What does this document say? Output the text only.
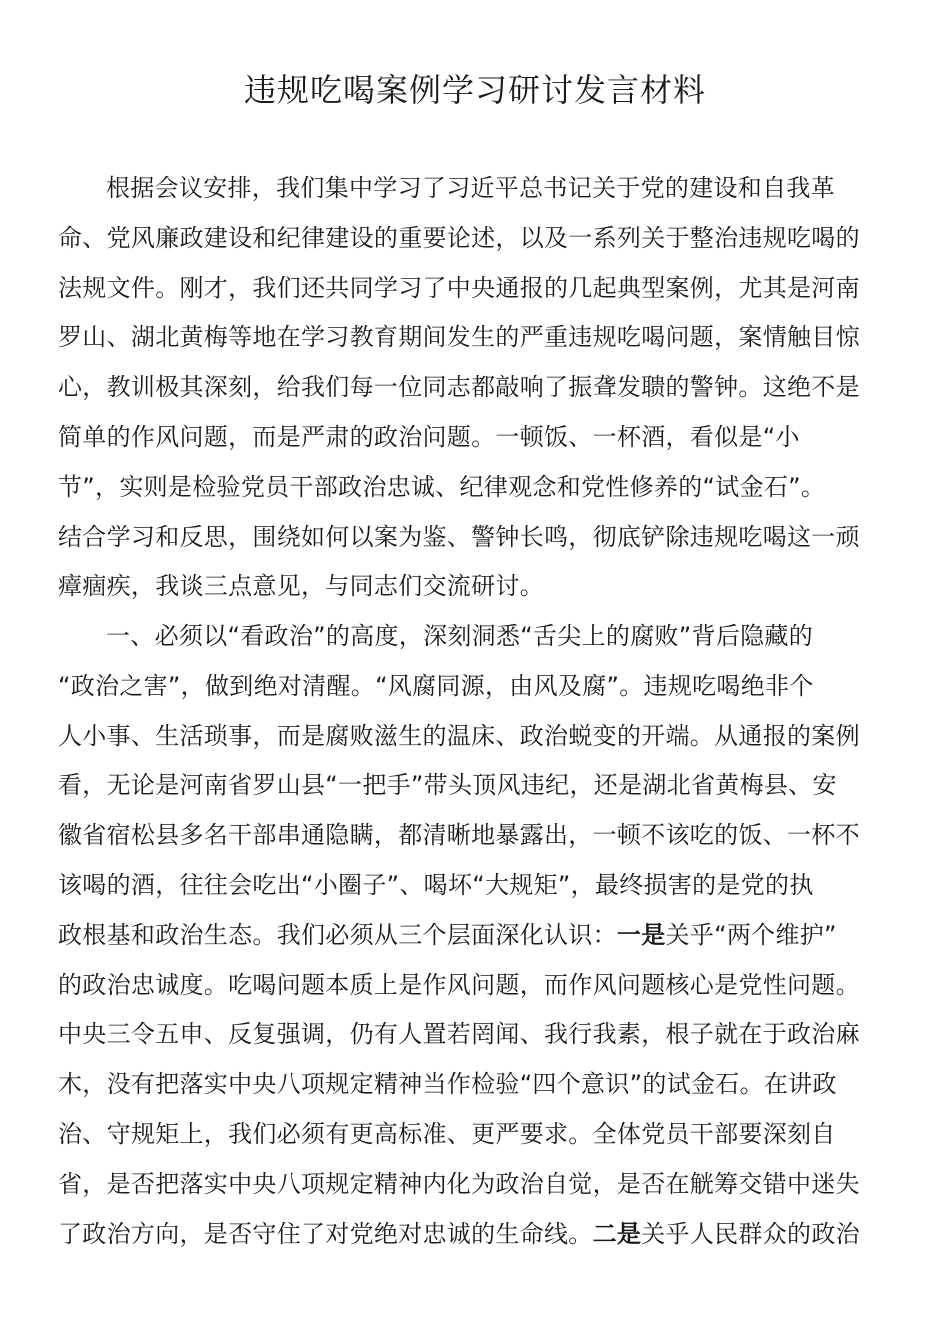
违规吃喝案例学习研讨发言材料
根据会议安排，我们集中学习了习近平总书记关于党的建设和自我革
命、党风廉政建设和纪律建设的重要论述，以及一系列关于整治违规吃喝的
法规文件。刚才，我们还共同学习了中央通报的几起典型案例，尤其是河南
罗山、湖北黄梅等地在学习教育期间发生的严重违规吃喝问题，案情触目惊
心，教训极其深刻，给我们每一位同志都敲响了振聋发聩的警钟。这绝不是
简单的作风问题，而是严肃的政治问题。一顿饭、一杯酒，看似是“小
节”，实则是检验党员干部政治忠诚、纪律观念和党性修养的“试金石”。
结合学习和反思，围绕如何以案为鉴、警钟长鸣，彻底铲除违规吃喝这一顽
瘴痼疾，我谈三点意见，与同志们交流研讨。
一、必须以“看政治”的高度，深刻洞悉“舌尖上的腐败”背后隐藏的
“政治之害”，做到绝对清醒。“风腐同源，由风及腐”。违规吃喝绝非个
人小事、生活琐事，而是腐败滋生的温床、政治蜕变的开端。从通报的案例
看，无论是河南省罗山县“一把手”带头顶风违纪，还是湖北省黄梅县、安
徽省宿松县多名干部串通隐瞒，都清晰地暴露出，一顿不该吃的饭、一杯不
该喝的酒，往往会吃出“小圈子”、喝坏“大规矩”，最终损害的是党的执
政根基和政治生态。我们必须从三个层面深化认识：一是关乎“两个维护”
的政治忠诚度。吃喝问题本质上是作风问题，而作风问题核心是党性问题。
中央三令五申、反复强调，仍有人置若罔闻、我行我素，根子就在于政治麻
木，没有把落实中央八项规定精神当作检验“四个意识”的试金石。在讲政
治、守规矩上，我们必须有更高标准、更严要求。全体党员干部要深刻自
省，是否把落实中央八项规定精神内化为政治自觉，是否在觥筹交错中迷失
了政治方向，是否守住了对党绝对忠诚的生命线。二是关乎人民群众的政治
